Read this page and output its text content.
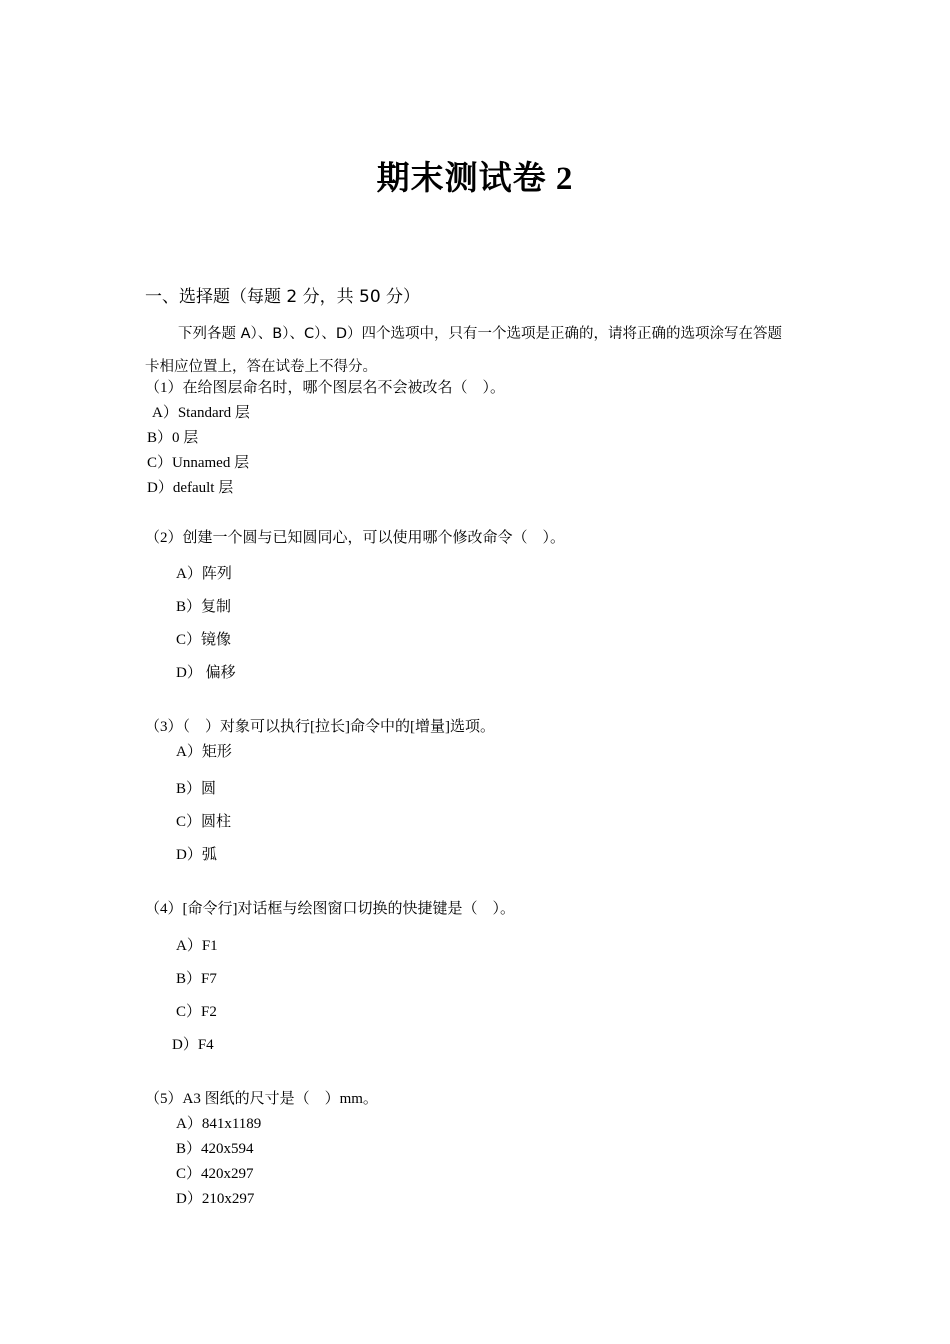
期末测试卷 2
一、选择题（每题 2 分，共 50 分）
下列各题 A）、B）、C）、D）四个选项中，只有一个选项是正确的，请将正确的选项涂写在答题
卡相应位置上，答在试卷上不得分。
（1）在给图层命名时，哪个图层名不会被改名（　）。
A）Standard 层
B）0 层
C）Unnamed 层
D）default 层
（2）创建一个圆与已知圆同心，可以使用哪个修改命令（　）。
A）阵列
B）复制
C）镜像
D） 偏移
（3）（　）对象可以执行[拉长]命令中的[增量]选项。
A）矩形
B）圆
C）圆柱
D）弧
（4）[命令行]对话框与绘图窗口切换的快捷键是（　）。
A）F1
B）F7
C）F2
D）F4
（5）A3 图纸的尺寸是（　）mm。
A）841x1189
B）420x594
C）420x297
D）210x297
